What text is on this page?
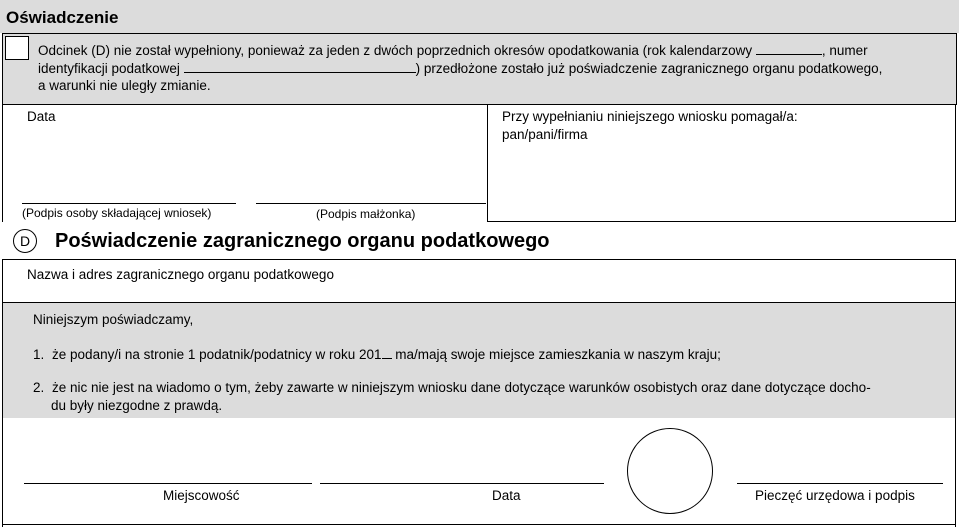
Oświadczenie
Odcinek (D) nie został wypełniony, ponieważ za jeden z dwóch poprzednich okresów opodatkowania (rok kalendarzowy	, numer
identyfikacji podatkowej	) przedłożone zostało już poświadczenie zagranicznego organu podatkowego,
a warunki nie uległy zmianie.
Data	Przy wypełnianiu niniejszego wniosku pomagał/a:
pan/pani/firma
(Podpis osoby składającej wniosek)	(Podpis małżonka)
D	Poświadczenie zagranicznego organu podatkowego
Nazwa i adres zagranicznego organu podatkowego
Niniejszym poświadczamy,
1. że podany/i na stronie 1 podatnik/podatnicy w roku 201 ma/mają swoje miejsce zamieszkania w naszym kraju;
2. że nic nie jest na wiadomo o tym, żeby zawarte w niniejszym wniosku dane dotyczące warunków osobistych oraz dane dotyczące docho-
du były niezgodne z prawdą.
Miejscowość	Data	Pieczęć urzędowa i podpis
